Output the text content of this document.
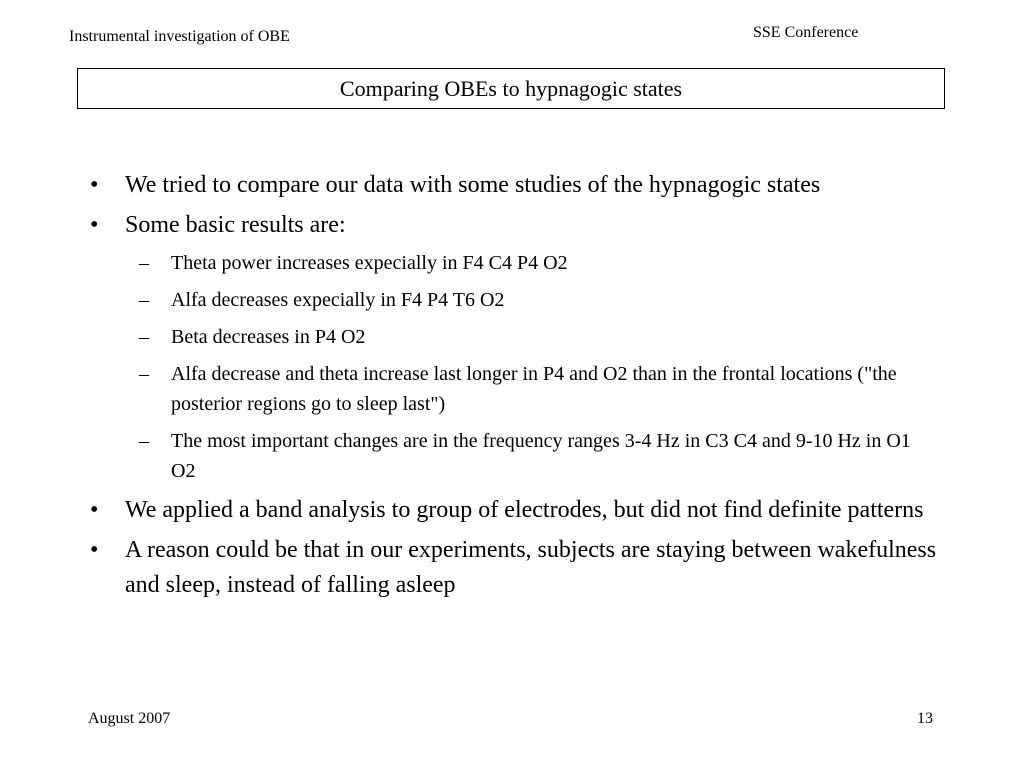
Instrumental investigation of OBE	SSE Conference
Comparing OBEs to hypnagogic states
• We tried to compare our data with some studies of the hypnagogic states
• Some basic results are:
– Theta power increases expecially in F4 C4 P4 O2
– Alfa decreases expecially in F4 P4 T6 O2
– Beta decreases in P4 O2
– Alfa decrease and theta increase last longer in P4 and O2 than in the frontal locations ("the posterior regions go to sleep last")
– The most important changes are in the frequency ranges 3-4 Hz in C3 C4 and 9-10 Hz in O1 O2
• We applied a band analysis to group of electrodes, but did not find definite patterns
• A reason could be that in our experiments, subjects are staying between wakefulness and sleep, instead of falling asleep
August 2007	13
